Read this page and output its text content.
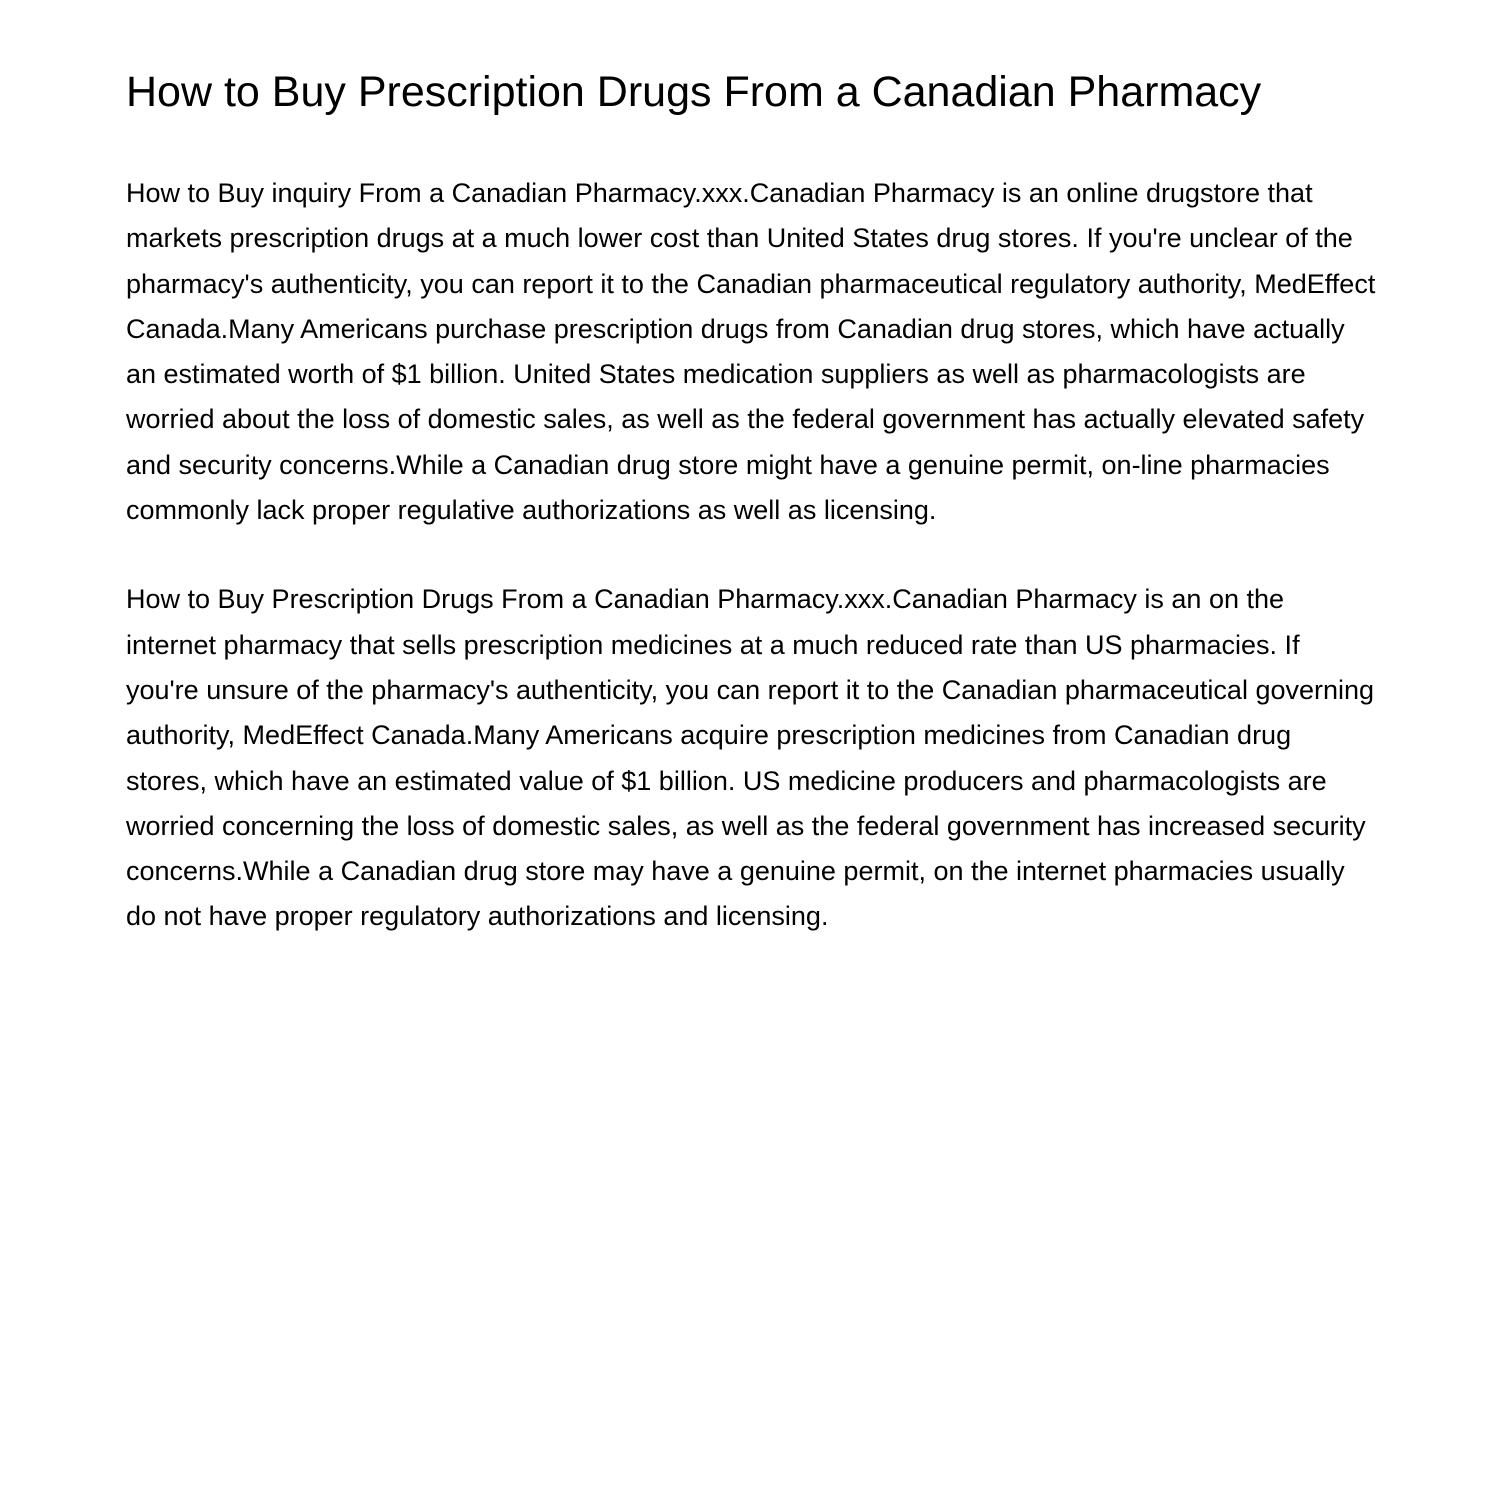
How to Buy Prescription Drugs From a Canadian Pharmacy

How to Buy inquiry From a Canadian Pharmacy.xxx.Canadian Pharmacy is an online drugstore that markets prescription drugs at a much lower cost than United States drug stores. If you're unclear of the pharmacy's authenticity, you can report it to the Canadian pharmaceutical regulatory authority, MedEffect Canada.Many Americans purchase prescription drugs from Canadian drug stores, which have actually an estimated worth of $1 billion. United States medication suppliers as well as pharmacologists are worried about the loss of domestic sales, as well as the federal government has actually elevated safety and security concerns.While a Canadian drug store might have a genuine permit, on-line pharmacies commonly lack proper regulative authorizations as well as licensing.

How to Buy Prescription Drugs From a Canadian Pharmacy.xxx.Canadian Pharmacy is an on the internet pharmacy that sells prescription medicines at a much reduced rate than US pharmacies. If you're unsure of the pharmacy's authenticity, you can report it to the Canadian pharmaceutical governing authority, MedEffect Canada.Many Americans acquire prescription medicines from Canadian drug stores, which have an estimated value of $1 billion. US medicine producers and pharmacologists are worried concerning the loss of domestic sales, as well as the federal government has increased security concerns.While a Canadian drug store may have a genuine permit, on the internet pharmacies usually do not have proper regulatory authorizations and licensing.
